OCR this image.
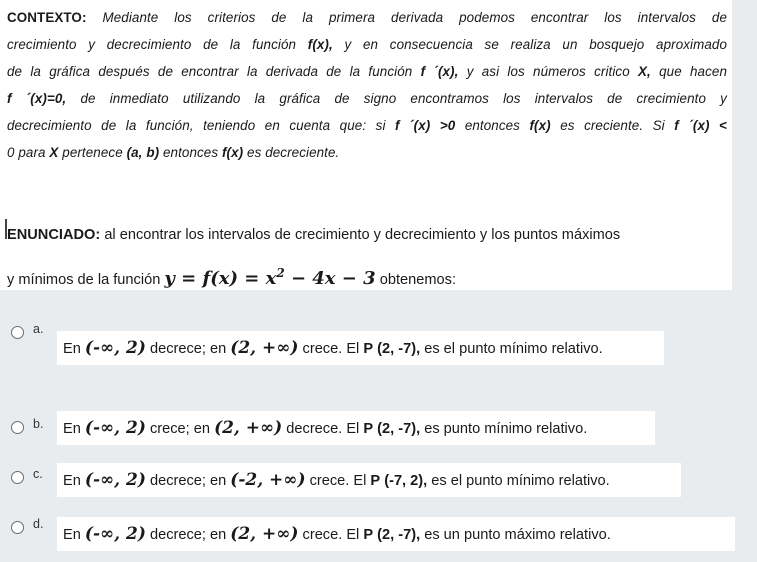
CONTEXTO: Mediante los criterios de la primera derivada podemos encontrar los intervalos de
crecimiento y decrecimiento de la función f(x), y en consecuencia se realiza un bosquejo aproximado
de la gráfica después de encontrar la derivada de la función f ´(x), y asi los números critico X, que hacen
f ´(x)=0, de inmediato utilizando la gráfica de signo encontramos los intervalos de crecimiento y
decrecimiento de la función, teniendo en cuenta que: si f ´(x) >0 entonces f(x) es creciente. Si f ´(x) <
0 para X pertenece (a, b) entonces f(x) es decreciente.
ENUNCIADO: al encontrar los intervalos de crecimiento y decrecimiento y los puntos máximos
y mínimos de la función $y = f(x) = x^2 - 4x - 3$ obtenemos:
a.
En (-∞, 2) decrece; en (2, +∞) crece. El P (2, -7), es el punto mínimo relativo.
b.	En (-∞, 2) crece; en (2, +∞) decrece. El P (2, -7), es punto mínimo relativo.
c.	En (-∞, 2) decrece; en (-2, +∞) crece. El P (-7, 2), es el punto mínimo relativo.
d.
En (-∞, 2) decrece; en (2, +∞) crece. El P (2, -7), es un punto máximo relativo.
